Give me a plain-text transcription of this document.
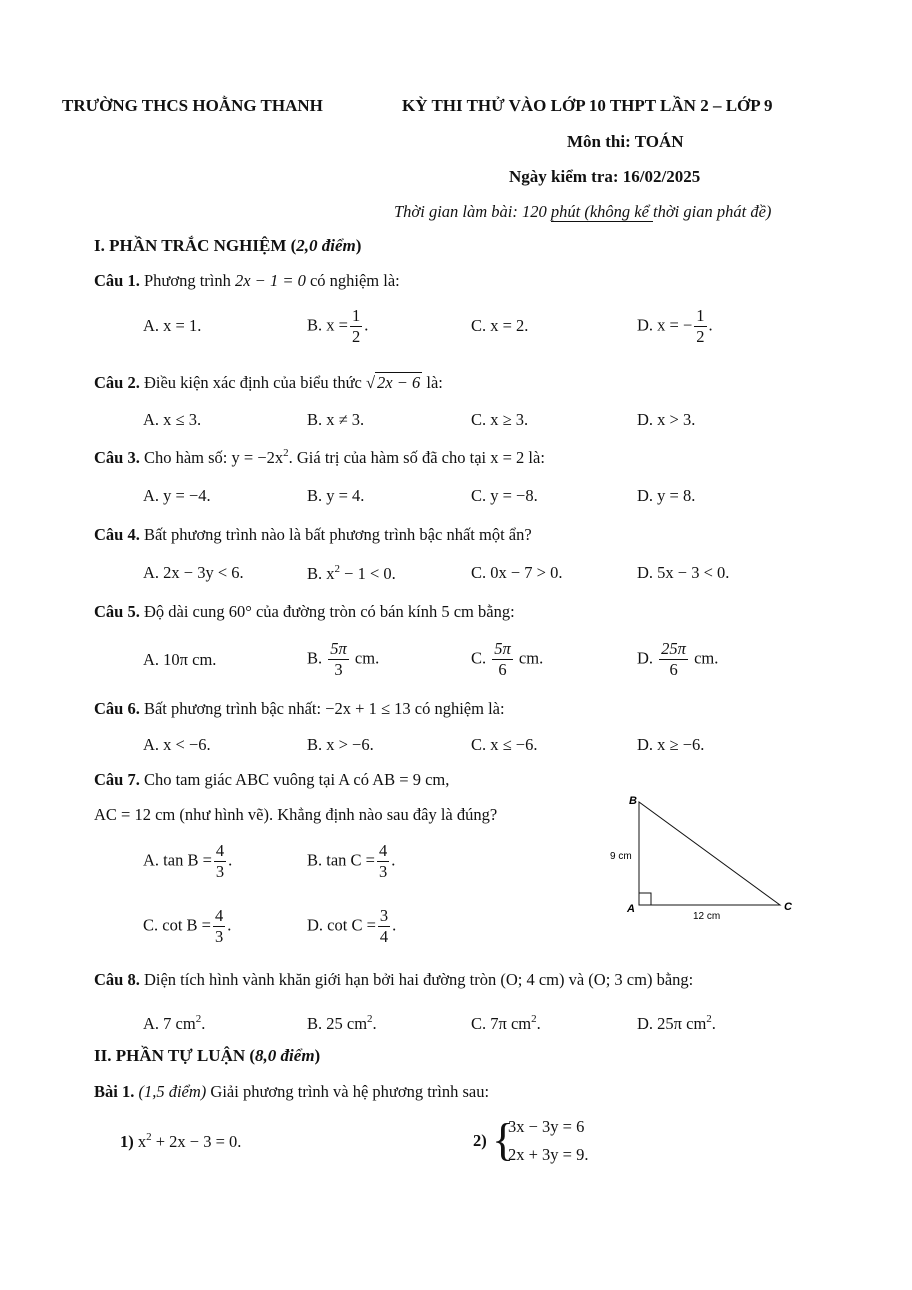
TRƯỜNG THCS HOẰNG THANH	KỲ THI THỬ VÀO LỚP 10 THPT LẦN 2 – LỚP 9
Môn thi: TOÁN
Ngày kiểm tra: 16/02/2025
Thời gian làm bài: 120 phút (không kể thời gian phát đề)
I. PHẦN TRẮC NGHIỆM (2,0 điểm)
Câu 1. Phương trình 2x − 1 = 0 có nghiệm là:
A. x = 1.	B. $x = \frac{1}{2}$ .	C. x = 2.	D. x = − $\frac{1}{2}$ .
Câu 2. Điều kiện xác định của biểu thức √ 2x − 6 là:
A. x ≤ 3.	B. x ≠ 3.	C. x ≥ 3.	D. x > 3.
Câu 3. Cho hàm số: $y = -2x^2$. Giá trị của hàm số đã cho tại x = 2 là:
A. y = −4.	B. y = 4.	C. y = −8.	D. y = 8.
Câu 4. Bất phương trình nào là bất phương trình bậc nhất một ẩn?
A. 2x − 3y < 6.	B. $x^2 - 1 < 0$.	C. 0x − 7 > 0.	D. 5x − 3 < 0.
Câu 5. Độ dài cung 60° của đường tròn có bán kính 5 cm bằng:
A. 10π cm.	B. $\frac{5\pi}{3}$ cm.	C. $\frac{5\pi}{6}$ cm.	D. $\frac{25\pi}{6}$ cm.
Câu 6. Bất phương trình bậc nhất: −2x + 1 ≤ 13 có nghiệm là:
A. x < −6.	B. x > −6.	C. x ≤ −6.	D. x ≥ −6.
Câu 7. Cho tam giác ABC vuông tại A có AB = 9 cm,
AC = 12 cm (như hình vẽ). Khẳng định nào sau đây là đúng?
A. $\tan B = \frac{4}{3}$ .	B. $\tan C = \frac{4}{3}$ .
C. $\cot B = \frac{4}{3}$ .	D. $\cot C = \frac{3}{4}$ .
B
A	C
9 cm
12 cm
Câu 8. Diện tích hình vành khăn giới hạn bởi hai đường tròn (O; 4 cm) và (O; 3 cm) bằng:
A. 7 $cm^2$.	B. 25 $cm^2$.	C. 7π $cm^2$.	D. 25π $cm^2$.
II. PHẦN TỰ LUẬN (8,0 điểm)
Bài 1. (1,5 điểm) Giải phương trình và hệ phương trình sau:
1) $x^2 + 2x - 3 = 0$.	2) {
3x − 3y = 6
2x + 3y = 9.
